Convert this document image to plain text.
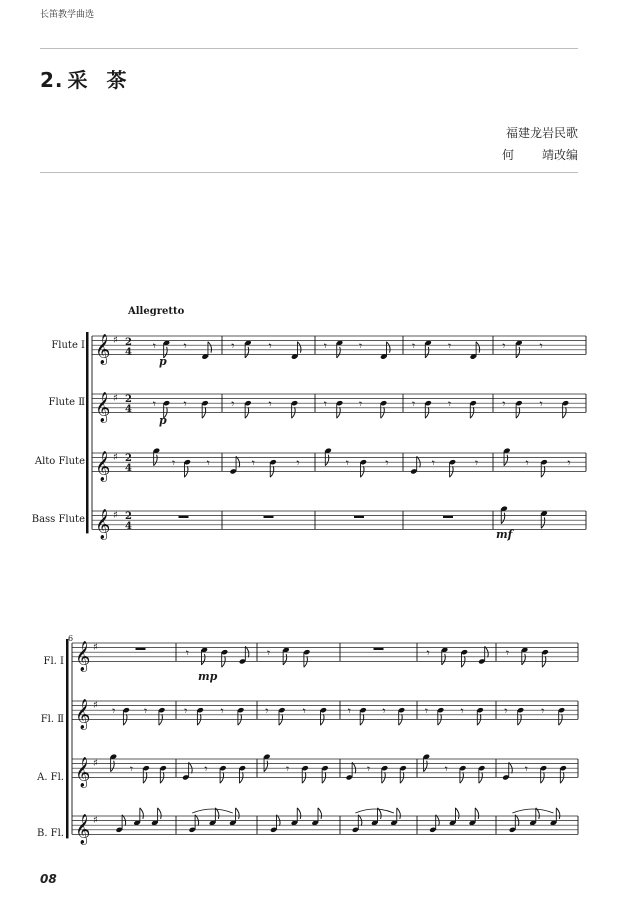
长笛教学曲选
2. 采 茶
福建龙岩民歌
何 靖改编
Allegretto
Flute Ⅰ
Flute Ⅱ
Alto Flute
Bass Flute
Fl. Ⅰ
Fl. Ⅱ
A. Fl.
B. Fl.
6
2
4
2
4
2
4
2
4
p
p
mf
mp
𝄞 ♯
𝄞 ♯
𝄞 ♯
𝄞 ♯
𝄾 𝄾
𝄾 𝄾
𝄾	𝄾
𝄾	𝄾
𝄾	𝄾
𝄾	𝄾
𝄾	𝄾
𝄾	𝄾
𝄾	𝄾
𝄾	𝄾
𝄾	𝄾
𝄾	𝄾
𝄾	𝄾
𝄾	𝄾
𝄾	𝄾
𝄞 ♯
𝄞 ♯
𝄞 ♯
𝄞 ♯
𝄾 𝄾
𝄾
𝄾
𝄾	𝄾
𝄾
𝄾
𝄾	𝄾
𝄾
𝄾	𝄾
𝄾
𝄾
𝄾	𝄾
𝄾
𝄾
𝄾	𝄾
𝄾
08
